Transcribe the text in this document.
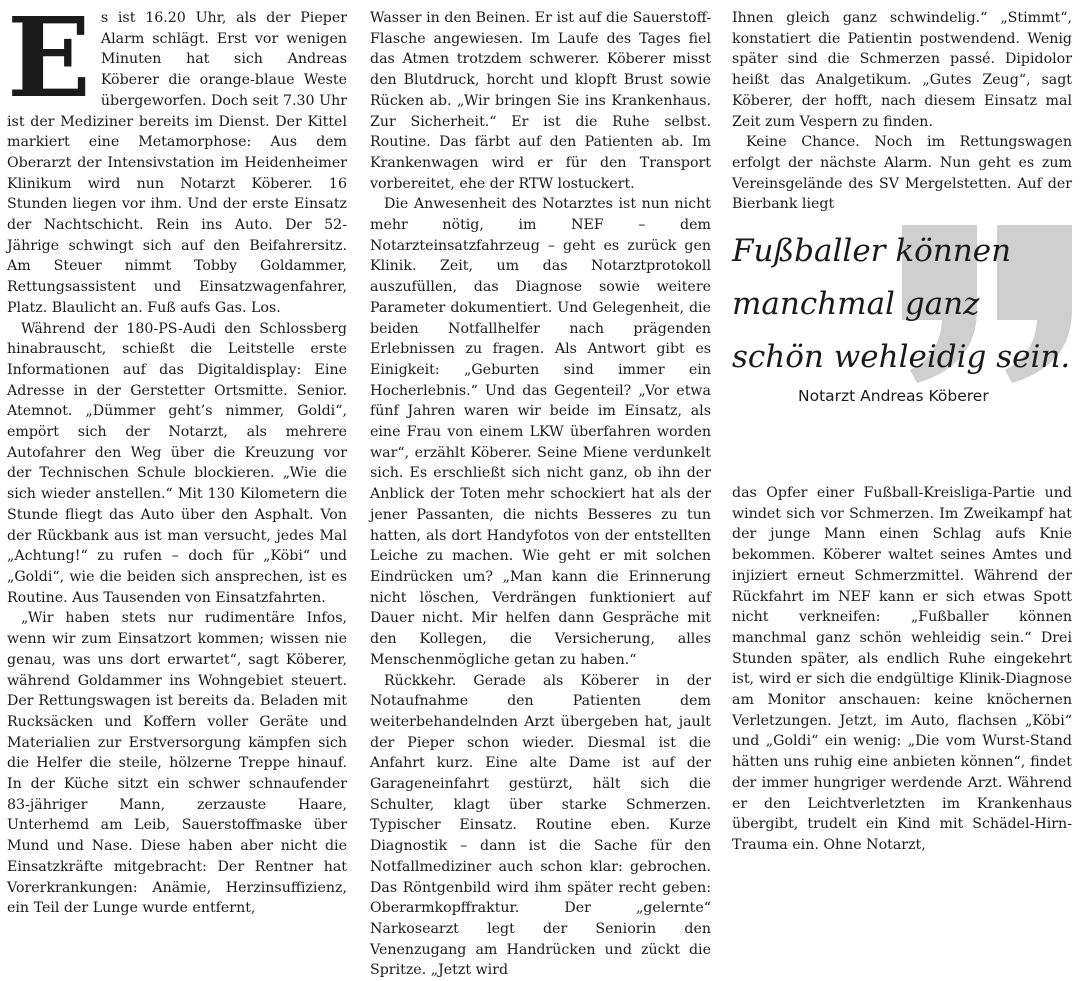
Es ist 16.20 Uhr, als der Pieper Alarm schlägt. Erst vor wenigen Minuten hat sich Andreas Köberer die orange-blaue Weste übergeworfen. Doch seit 7.30 Uhr ist der Mediziner bereits im Dienst. Der Kittel markiert eine Metamorphose: Aus dem Oberarzt der Intensivstation im Heidenheimer Klinikum wird nun Notarzt Köberer. 16 Stunden liegen vor ihm. Und der erste Einsatz der Nachtschicht. Rein ins Auto. Der 52-Jährige schwingt sich auf den Beifahrersitz. Am Steuer nimmt Tobby Goldammer, Rettungsassistent und Einsatzwagenfahrer, Platz. Blaulicht an. Fuß aufs Gas. Los.

Während der 180-PS-Audi den Schlossberg hinabrauscht, schießt die Leitstelle erste Informationen auf das Digitaldisplay: Eine Adresse in der Gerstetter Ortsmitte. Senior. Atemnot. „Dümmer geht’s nimmer, Goldi“, empört sich der Notarzt, als mehrere Autofahrer den Weg über die Kreuzung vor der Technischen Schule blockieren. „Wie die sich wieder anstellen.“ Mit 130 Kilometern die Stunde fliegt das Auto über den Asphalt. Von der Rückbank aus ist man versucht, jedes Mal „Achtung!“ zu rufen – doch für „Köbi“ und „Goldi“, wie die beiden sich ansprechen, ist es Routine. Aus Tausenden von Einsatzfahrten.

„Wir haben stets nur rudimentäre Infos, wenn wir zum Einsatzort kommen; wissen nie genau, was uns dort erwartet“, sagt Köberer, während Goldammer ins Wohngebiet steuert. Der Rettungswagen ist bereits da. Beladen mit Rucksäcken und Koffern voller Geräte und Materialien zur Erstversorgung kämpfen sich die Helfer die steile, hölzerne Treppe hinauf. In der Küche sitzt ein schwer schnaufender 83-jähriger Mann, zerzauste Haare, Unterhemd am Leib, Sauerstoffmaske über Mund und Nase. Diese haben aber nicht die Einsatzkräfte mitgebracht: Der Rentner hat Vorerkrankungen: Anämie, Herzinsuffizienz, ein Teil der Lunge wurde entfernt,

Wasser in den Beinen. Er ist auf die Sauerstoff-Flasche angewiesen. Im Laufe des Tages fiel das Atmen trotzdem schwerer. Köberer misst den Blutdruck, horcht und klopft Brust sowie Rücken ab. „Wir bringen Sie ins Krankenhaus. Zur Sicherheit.“ Er ist die Ruhe selbst. Routine. Das färbt auf den Patienten ab. Im Krankenwagen wird er für den Transport vorbereitet, ehe der RTW lostuckert.

Die Anwesenheit des Notarztes ist nun nicht mehr nötig, im NEF – dem Notarzteinsatzfahrzeug – geht es zurück gen Klinik. Zeit, um das Notarztprotokoll auszufüllen, das Diagnose sowie weitere Parameter dokumentiert. Und Gelegenheit, die beiden Notfallhelfer nach prägenden Erlebnissen zu fragen. Als Antwort gibt es Einigkeit: „Geburten sind immer ein Hocherlebnis.“ Und das Gegenteil? „Vor etwa fünf Jahren waren wir beide im Einsatz, als eine Frau von einem LKW überfahren worden war“, erzählt Köberer. Seine Miene verdunkelt sich. Es erschließt sich nicht ganz, ob ihn der Anblick der Toten mehr schockiert hat als der jener Passanten, die nichts Besseres zu tun hatten, als dort Handyfotos von der entstellten Leiche zu machen. Wie geht er mit solchen Eindrücken um? „Man kann die Erinnerung nicht löschen, Verdrängen funktioniert auf Dauer nicht. Mir helfen dann Gespräche mit den Kollegen, die Versicherung, alles Menschenmögliche getan zu haben.“

Rückkehr. Gerade als Köberer in der Notaufnahme den Patienten dem weiterbehandelnden Arzt übergeben hat, jault der Pieper schon wieder. Diesmal ist die Anfahrt kurz. Eine alte Dame ist auf der Garageneinfahrt gestürzt, hält sich die Schulter, klagt über starke Schmerzen. Typischer Einsatz. Routine eben. Kurze Diagnostik – dann ist die Sache für den Notfallmediziner auch schon klar: gebrochen. Das Röntgenbild wird ihm später recht geben: Oberarmkopffraktur. Der „gelernte“ Narkosearzt legt der Seniorin den Venenzugang am Handrücken und zückt die Spritze. „Jetzt wird

Ihnen gleich ganz schwindelig.“ „Stimmt“, konstatiert die Patientin postwendend. Wenig später sind die Schmerzen passé. Dipidolor heißt das Analgetikum. „Gutes Zeug“, sagt Köberer, der hofft, nach diesem Einsatz mal Zeit zum Vespern zu finden.

Keine Chance. Noch im Rettungswagen erfolgt der nächste Alarm. Nun geht es zum Vereinsgelände des SV Mergelstetten. Auf der Bierbank liegt

Fußballer können
manchmal ganz
schön wehleidig sein.
Notarzt Andreas Köberer

das Opfer einer Fußball-Kreisliga-Partie und windet sich vor Schmerzen. Im Zweikampf hat der junge Mann einen Schlag aufs Knie bekommen. Köberer waltet seines Amtes und injiziert erneut Schmerzmittel. Während der Rückfahrt im NEF kann er sich etwas Spott nicht verkneifen: „Fußballer können manchmal ganz schön wehleidig sein.“ Drei Stunden später, als endlich Ruhe eingekehrt ist, wird er sich die endgültige Klinik-Diagnose am Monitor anschauen: keine knöchernen Verletzungen. Jetzt, im Auto, flachsen „Köbi“ und „Goldi“ ein wenig: „Die vom Wurst-Stand hätten uns ruhig eine anbieten können“, findet der immer hungriger werdende Arzt. Während er den Leichtverletzten im Krankenhaus übergibt, trudelt ein Kind mit Schädel-Hirn-Trauma ein. Ohne Notarzt,
